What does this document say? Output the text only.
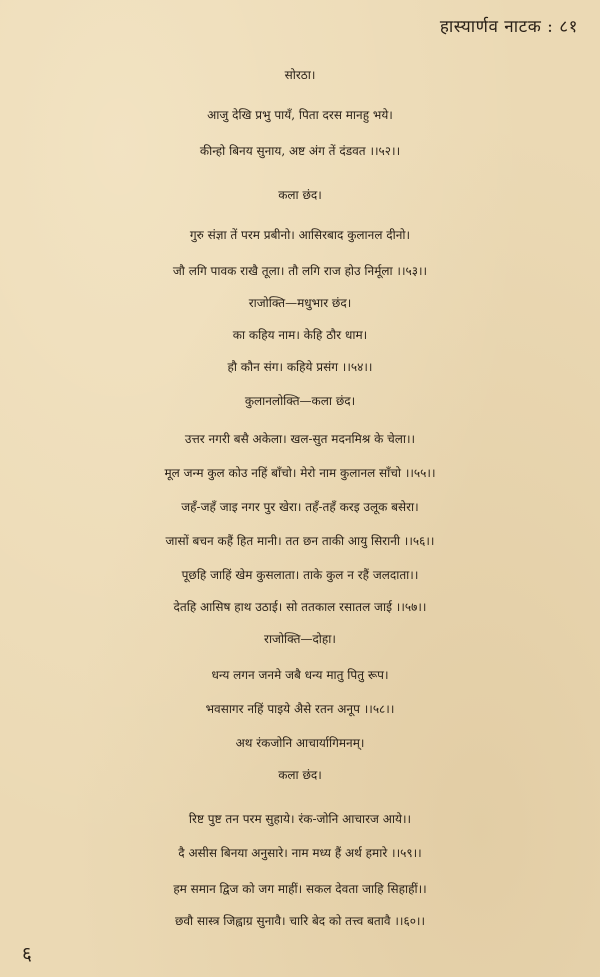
हास्यार्णव नाटक : ८१
सोरठा।
आजु देखि प्रभु पायँ, पिता दरस मानहु भये।
कीन्हो बिनय सुनाय, अष्ट अंग तें दंडवत ।।५२।।
कला छंद।
गुरु संज्ञा तें परम प्रबीनो। आसिरबाद कुलानल दीनो।
जौ लगि पावक राखै तूला। तौ लगि राज होउ निर्मूला ।।५३।।
राजोक्ति—मधुभार छंद।
का कहिय नाम। केहि ठौर धाम।
हौ कौन संग। कहिये प्रसंग ।।५४।।
कुलानलोक्ति—कला छंद।
उत्तर नगरी बसै अकेला। खल-सुत मदनमिश्र के चेला।।
मूल जन्म कुल कोउ नहिं बाँचो। मेरो नाम कुलानल साँचो ।।५५।।
जहँ-जहँ जाइ नगर पुर खेरा। तहँ-तहँ करइ उलूक बसेरा।
जासों बचन कहैं हित मानी। तत छन ताकी आयु सिरानी ।।५६।।
पूछहि जाहिं खेम कुसलाता। ताके कुल न रहैं जलदाता।।
देतहि आसिष हाथ उठाई। सो ततकाल रसातल जाई ।।५७।।
राजोक्ति—दोहा।
धन्य लगन जनमे जबै धन्य मातु पितु रूप।
भवसागर नहिं पाइये अैसे रतन अनूप ।।५८।।
अथ रंकजोनि आचार्यागिमनम्।
कला छंद।
रिष्ट पुष्ट तन परम सुहाये। रंक-जोनि आचारज आये।।
दै असीस बिनया अनुसारे। नाम मध्य हैं अर्थ हमारे ।।५९।।
हम समान द्विज को जग माहीं। सकल देवता जाहि सिहाहीं।।
छवौ सास्त्र जिह्वाग्र सुनावै। चारि बेद को तत्त्व बतावै ।।६०।।
६
